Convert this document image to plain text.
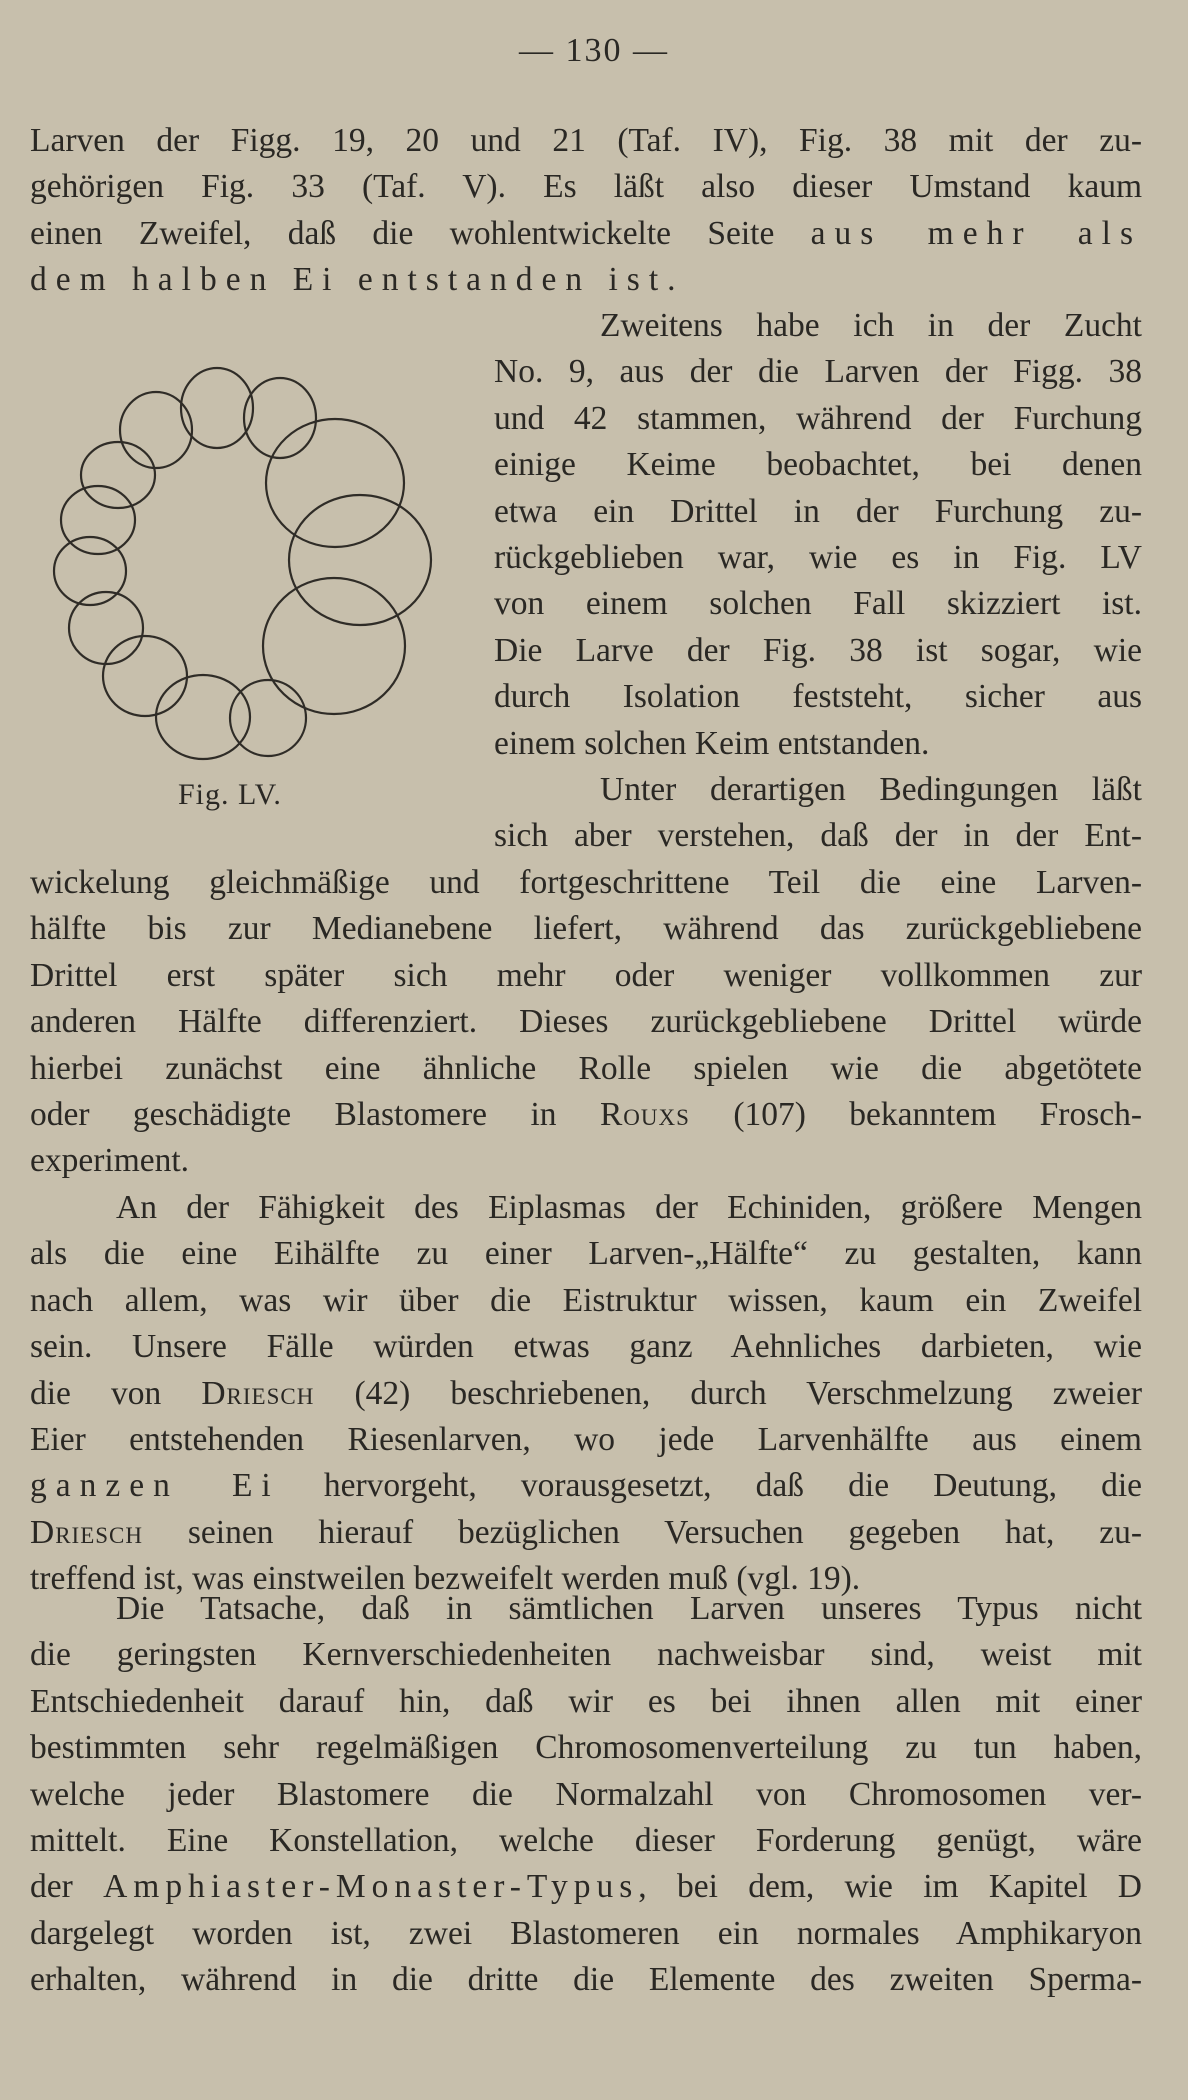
— 130 —
Larven der Figg. 19, 20 und 21 (Taf. IV), Fig. 38 mit der zu-
gehörigen Fig. 33 (Taf. V). Es läßt also dieser Umstand kaum
einen Zweifel, daß die wohlentwickelte Seite aus mehr als
dem halben Ei entstanden ist.
Fig. LV.
Zweitens habe ich in der Zucht
No. 9, aus der die Larven der Figg. 38
und 42 stammen, während der Furchung
einige Keime beobachtet, bei denen
etwa ein Drittel in der Furchung zu-
rückgeblieben war, wie es in Fig. LV
von einem solchen Fall skizziert ist.
Die Larve der Fig. 38 ist sogar, wie
durch Isolation feststeht, sicher aus
einem solchen Keim entstanden.
Unter derartigen Bedingungen läßt
sich aber verstehen, daß der in der Ent-
wickelung gleichmäßige und fortgeschrittene Teil die eine Larven-
hälfte bis zur Medianebene liefert, während das zurückgebliebene
Drittel erst später sich mehr oder weniger vollkommen zur
anderen Hälfte differenziert. Dieses zurückgebliebene Drittel würde
hierbei zunächst eine ähnliche Rolle spielen wie die abgetötete
oder geschädigte Blastomere in Rouxs (107) bekanntem Frosch-
experiment.
An der Fähigkeit des Eiplasmas der Echiniden, größere Mengen
als die eine Eihälfte zu einer Larven-„Hälfte“ zu gestalten, kann
nach allem, was wir über die Eistruktur wissen, kaum ein Zweifel
sein. Unsere Fälle würden etwas ganz Aehnliches darbieten, wie
die von Driesch (42) beschriebenen, durch Verschmelzung zweier
Eier entstehenden Riesenlarven, wo jede Larvenhälfte aus einem
ganzen Ei hervorgeht, vorausgesetzt, daß die Deutung, die
Driesch seinen hierauf bezüglichen Versuchen gegeben hat, zu-
treffend ist, was einstweilen bezweifelt werden muß (vgl. 19).
Die Tatsache, daß in sämtlichen Larven unseres Typus nicht
die geringsten Kernverschiedenheiten nachweisbar sind, weist mit
Entschiedenheit darauf hin, daß wir es bei ihnen allen mit einer
bestimmten sehr regelmäßigen Chromosomenverteilung zu tun haben,
welche jeder Blastomere die Normalzahl von Chromosomen ver-
mittelt. Eine Konstellation, welche dieser Forderung genügt, wäre
der Amphiaster-Monaster-Typus, bei dem, wie im Kapitel D
dargelegt worden ist, zwei Blastomeren ein normales Amphikaryon
erhalten, während in die dritte die Elemente des zweiten Sperma-
